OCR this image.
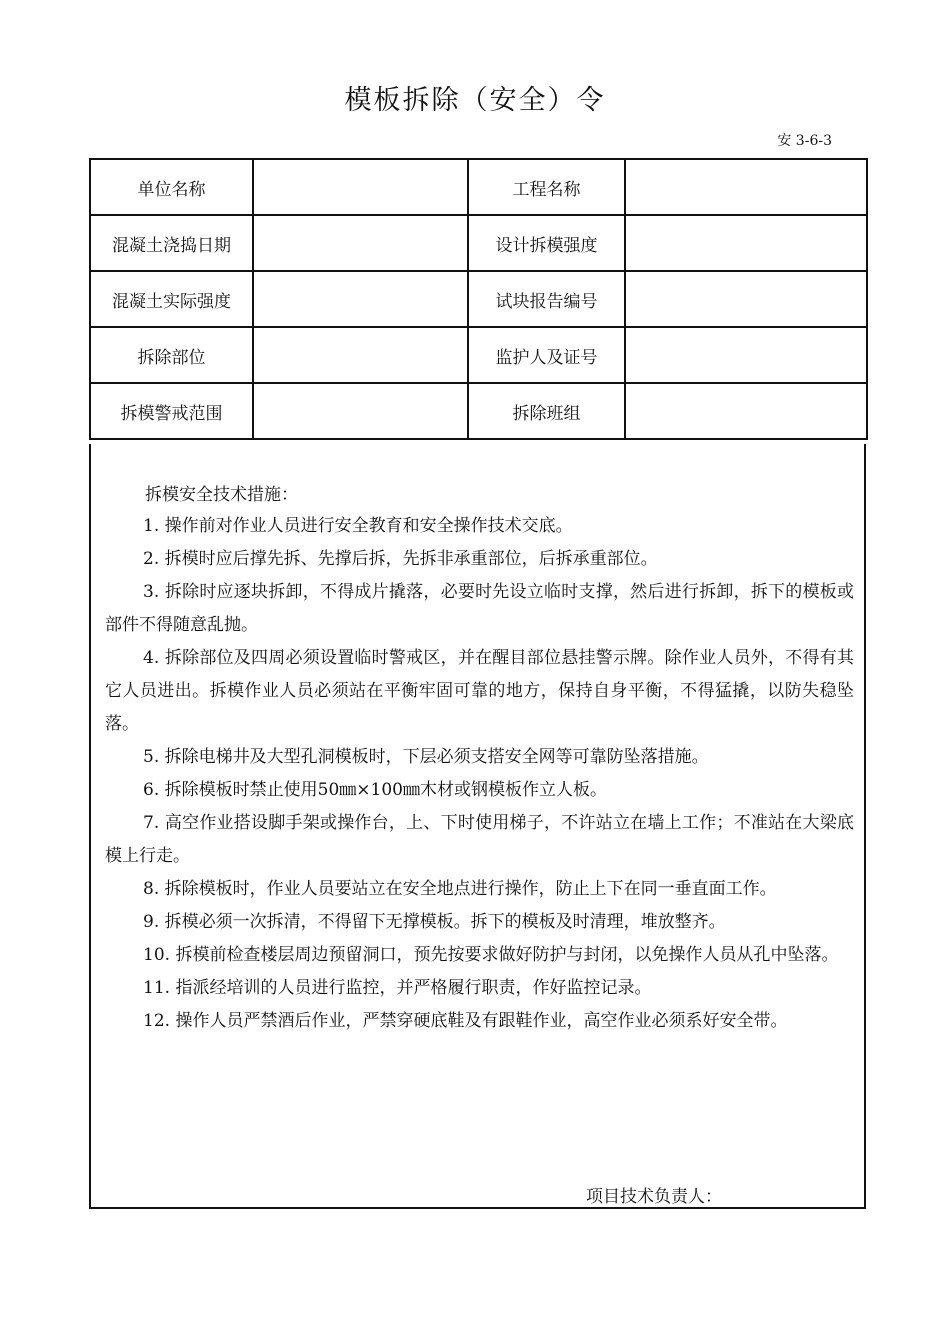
模板拆除（安全）令
安 3-6-3
单位名称		工程名称	
混凝土浇捣日期		设计拆模强度	
混凝土实际强度		试块报告编号	
拆除部位		监护人及证号	
拆模警戒范围		拆除班组	
拆模安全技术措施：
1. 操作前对作业人员进行安全教育和安全操作技术交底。
2. 拆模时应后撑先拆、先撑后拆，先拆非承重部位，后拆承重部位。
3. 拆除时应逐块拆卸，不得成片撬落，必要时先设立临时支撑，然后进行拆卸，拆下的模板或部件不得随意乱抛。
4. 拆除部位及四周必须设置临时警戒区，并在醒目部位悬挂警示牌。除作业人员外，不得有其它人员进出。拆模作业人员必须站在平衡牢固可靠的地方，保持自身平衡，不得猛撬，以防失稳坠落。
5. 拆除电梯井及大型孔洞模板时，下层必须支搭安全网等可靠防坠落措施。
6. 拆除模板时禁止使用50㎜×100㎜木材或钢模板作立人板。
7. 高空作业搭设脚手架或操作台，上、下时使用梯子，不许站立在墙上工作；不准站在大梁底模上行走。
8. 拆除模板时，作业人员要站立在安全地点进行操作，防止上下在同一垂直面工作。
9. 拆模必须一次拆清，不得留下无撑模板。拆下的模板及时清理，堆放整齐。
10. 拆模前检查楼层周边预留洞口，预先按要求做好防护与封闭，以免操作人员从孔中坠落。
11. 指派经培训的人员进行监控，并严格履行职责，作好监控记录。
12. 操作人员严禁酒后作业，严禁穿硬底鞋及有跟鞋作业，高空作业必须系好安全带。
项目技术负责人：
